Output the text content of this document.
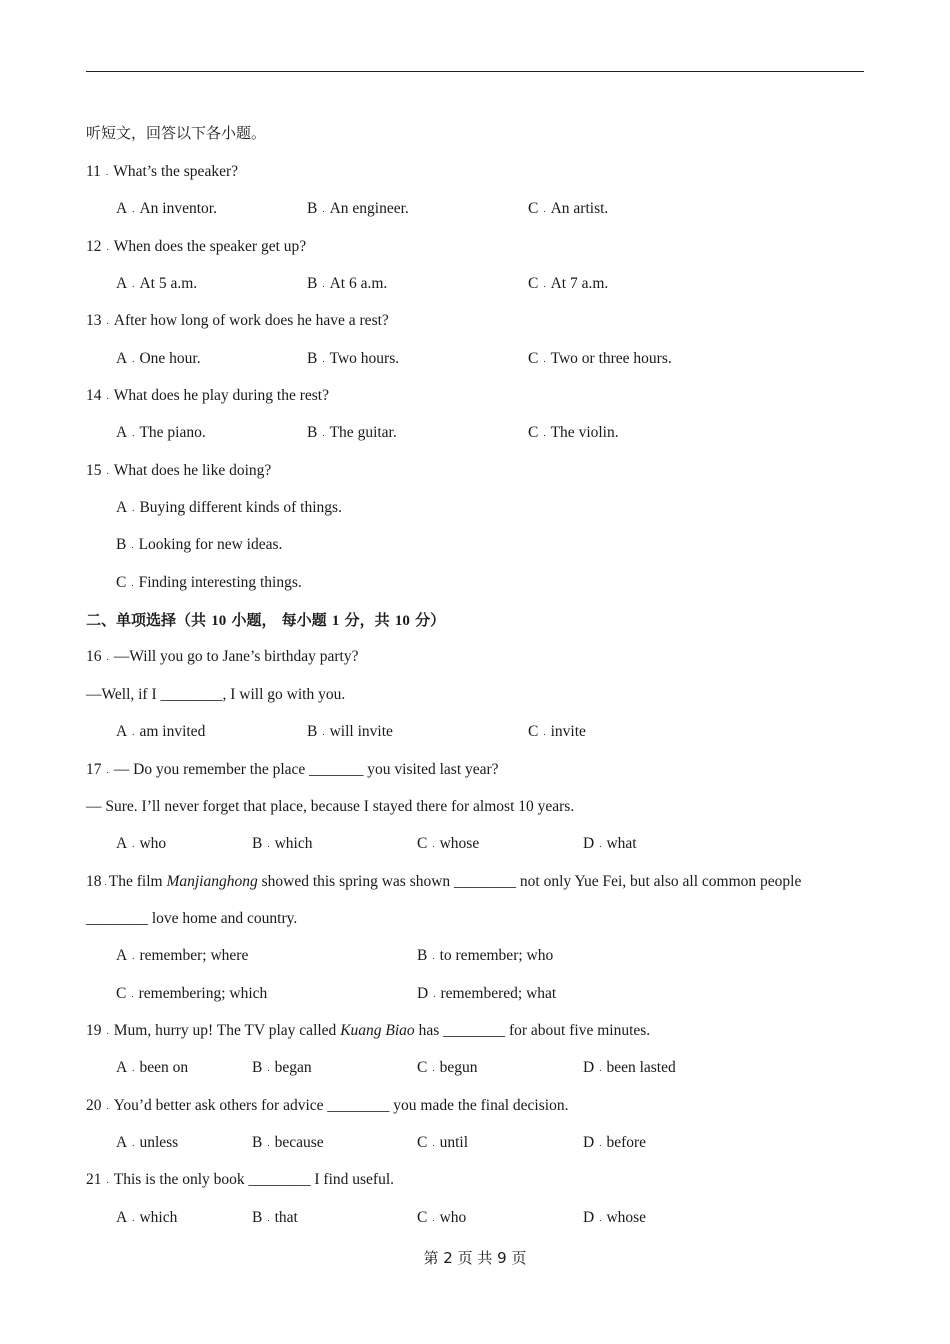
听短文，回答以下各小题。
11 . What’s the speaker?
A . An inventor.	B . An engineer.	C . An artist.
12 . When does the speaker get up?
A . At 5 a.m.	B . At 6 a.m.	C . At 7 a.m.
13 . After how long of work does he have a rest?
A . One hour.	B . Two hours.	C . Two or three hours.
14 . What does he play during the rest?
A . The piano.	B . The guitar.	C . The violin.
15 . What does he like doing?
A . Buying different kinds of things.
B . Looking for new ideas.
C . Finding interesting things.
二、单项选择（共 10 小题， 每小题 1 分，共 10 分）
16 . —Will you go to Jane’s birthday party?
—Well, if I ________, I will go with you.
A . am invited	B . will invite	C . invite
17 . — Do you remember the place _______ you visited last year?
— Sure. I’ll never forget that place, because I stayed there for almost 10 years.
A . who	B . which	C . whose	D . what
18 . The film Manjianghong showed this spring was shown ________ not only Yue Fei, but also all common people
________ love home and country.
A . remember; where	B . to remember; who
C . remembering; which	D . remembered; what
19 . Mum, hurry up! The TV play called Kuang Biao has ________ for about five minutes.
A . been on	B . began	C . begun	D . been lasted
20 . You’d better ask others for advice ________ you made the final decision.
A . unless	B . because	C . until	D . before
21 . This is the only book ________ I find useful.
A . which	B . that	C . who	D . whose
第 2 页 共 9 页
